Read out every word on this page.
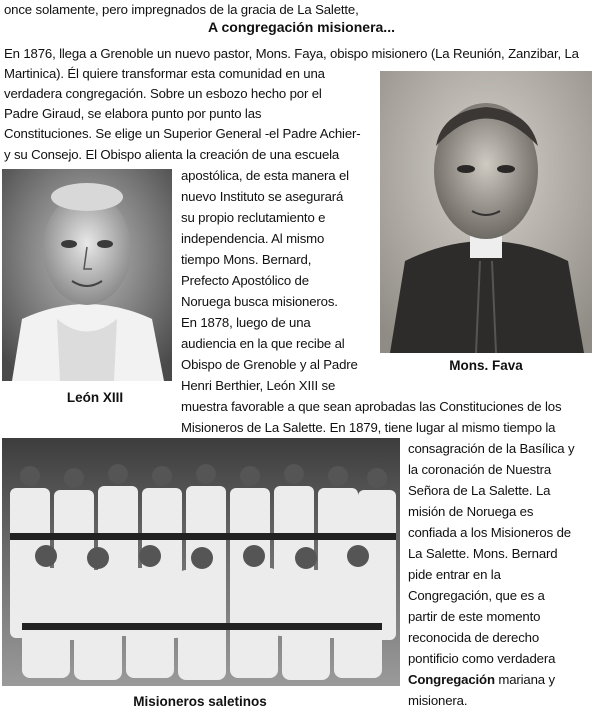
once solamente, pero impregnados de la gracia de La Salette,
A congregación misionera...
En 1876, llega a Grenoble un nuevo pastor, Mons. Faya, obispo misionero (La Reunión, Zanzibar, La
Martinica). Él quiere transformar esta comunidad en una
verdadera congregación. Sobre un esbozo hecho por el
Padre Giraud, se elabora punto por punto las
Constituciones. Se elige un Superior General -el Padre Achier-
y su Consejo. El Obispo alienta la creación de una escuela
apostólica, de esta manera el
nuevo Instituto se asegurará
su propio reclutamiento e
independencia. Al mismo
tiempo Mons. Bernard,
Prefecto Apostólico de
Noruega busca misioneros.
En 1878, luego de una
audiencia en la que recibe al
Obispo de Grenoble y al Padre
Henri Berthier, León XIII se
muestra favorable a que sean aprobadas las Constituciones de los
Misioneros de La Salette. En 1879, tiene lugar al mismo tiempo la
consagración de la Basílica y
la coronación de Nuestra
Señora de La Salette. La
misión de Noruega es
confiada a los Misioneros de
La Salette. Mons. Bernard
pide entrar en la
Congregación, que es a
partir de este momento
reconocida de derecho
pontificio como verdadera
Congregación mariana y
misionera.
León XIII
Mons. Fava
Misioneros saletinos
